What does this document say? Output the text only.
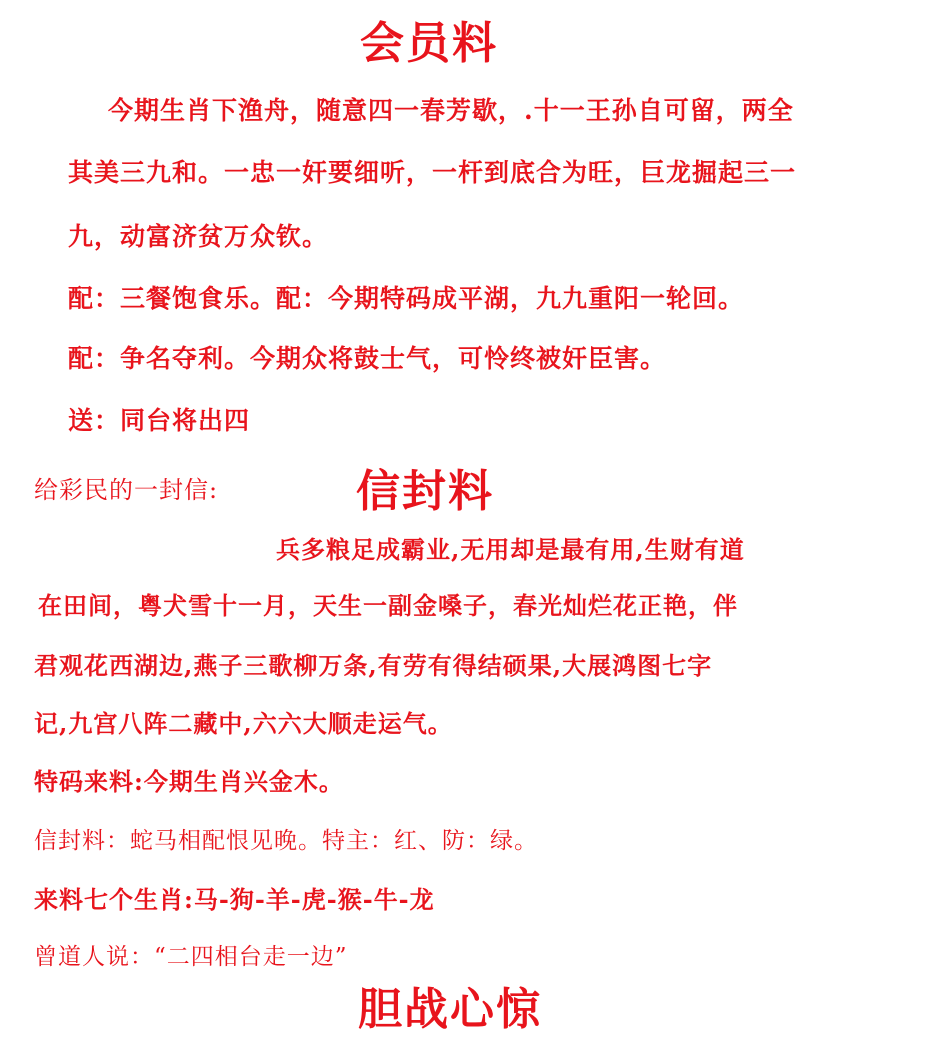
会员料
今期生肖下渔舟，随意四一春芳歇，.十一王孙自可留，两全
其美三九和。一忠一奸要细听，一杆到底合为旺，巨龙掘起三一
九，动富济贫万众钦。
配：三餐饱食乐。配：今期特码成平湖，九九重阳一轮回。
配：争名夺利。今期众将鼓士气，可怜终被奸臣害。
送：同台将出四
给彩民的一封信:	信封料
兵多粮足成霸业,无用却是最有用,生财有道
在田间，粤犬雪十一月，天生一副金嗓子，春光灿烂花正艳，伴
君观花西湖边,燕子三歌柳万条,有劳有得结硕果,大展鸿图七字
记,九宫八阵二藏中,六六大顺走运气。
特码来料:今期生肖兴金木。
信封料：蛇马相配恨见晚。特主：红、防：绿。
来料七个生肖:马-狗-羊-虎-猴-牛-龙
曾道人说：“二四相台走一边”
胆战心惊
